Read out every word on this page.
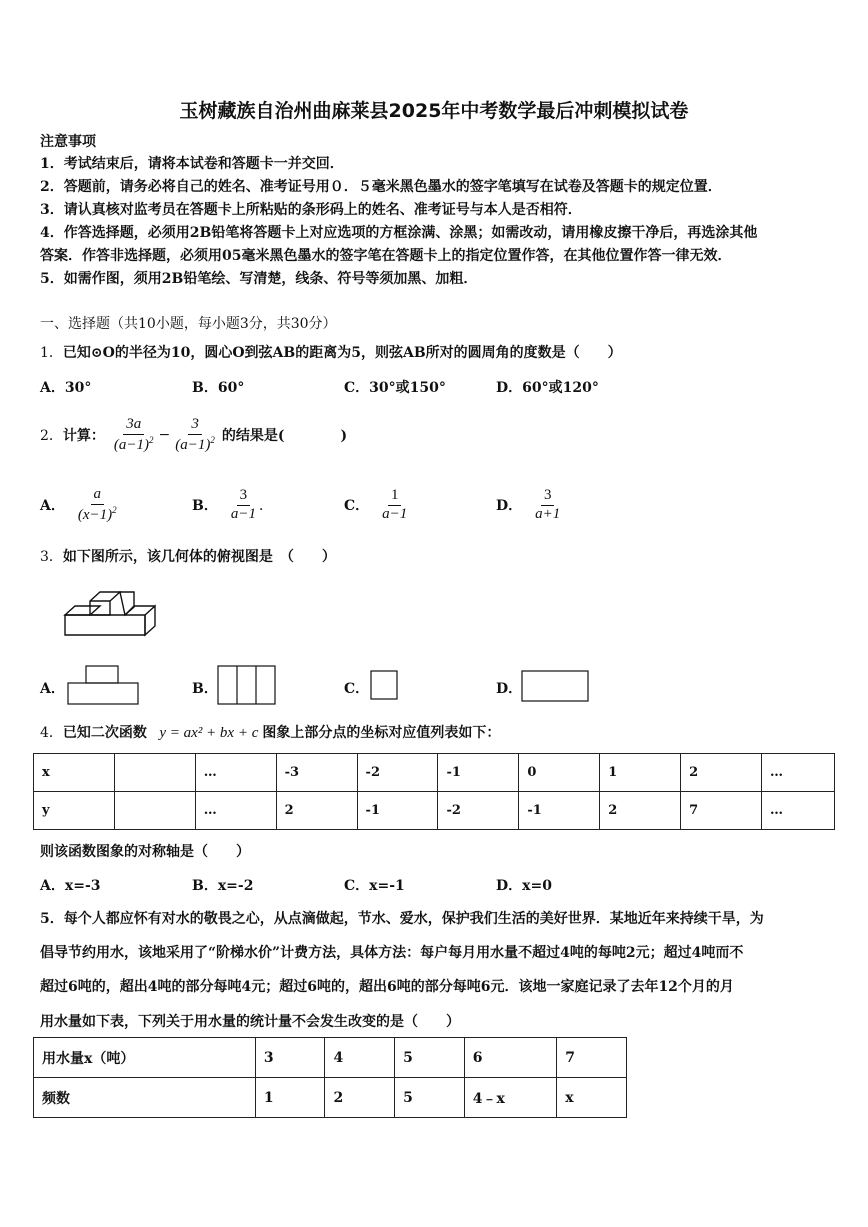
玉树藏族自治州曲麻莱县2025年中考数学最后冲刺模拟试卷
注意事项
1．考试结束后，请将本试卷和答题卡一并交回．
2．答题前，请务必将自己的姓名、准考证号用０．５毫米黑色墨水的签字笔填写在试卷及答题卡的规定位置．
3．请认真核对监考员在答题卡上所粘贴的条形码上的姓名、准考证号与本人是否相符．
4．作答选择题，必须用2B铅笔将答题卡上对应选项的方框涂满、涂黑；如需改动，请用橡皮擦干净后，再选涂其他
答案．作答非选择题，必须用05毫米黑色墨水的签字笔在答题卡上的指定位置作答，在其他位置作答一律无效．
5．如需作图，须用2B铅笔绘、写清楚，线条、符号等须加黑、加粗．
一、选择题（共10小题，每小题3分，共30分）
1．已知⊙O的半径为10，圆心O到弦AB的距离为5，则弦AB所对的圆周角的度数是（　　）
A．30°	B．60°	C．30°或150°	D．60°或120°
2． 计算： $\frac{3a}{(a-1)^2} - \frac{3}{(a-1)^2}$ 的结果是(　　　　)
A． $\frac{a}{(x-1)^2}$	B． $\frac{3}{a-1}$ ．	C． $\frac{1}{a-1}$	D． $\frac{3}{a+1}$
3．如下图所示，该几何体的俯视图是　（　　）
A．	B．	C．	D．
4．已知二次函数 y = ax² + bx + c 图象上部分点的坐标对应值列表如下：
x		…	-3	-2	-1	0	1	2	…
y		…	2	-1	-2	-1	2	7	…
则该函数图象的对称轴是（　　）
A．x=-3	B．x=-2	C．x=-1	D．x=0
5．每个人都应怀有对水的敬畏之心，从点滴做起，节水、爱水，保护我们生活的美好世界．某地近年来持续干旱，为
倡导节约用水，该地采用了“阶梯水价”计费方法，具体方法：每户每月用水量不超过4吨的每吨2元；超过4吨而不
超过6吨的，超出4吨的部分每吨4元；超过6吨的，超出6吨的部分每吨6元．该地一家庭记录了去年12个月的月
用水量如下表，下列关于用水量的统计量不会发生改变的是（　　）
用水量x（吨）	3	4	5	6	7
频数	1	2	5	4﹣x	x
